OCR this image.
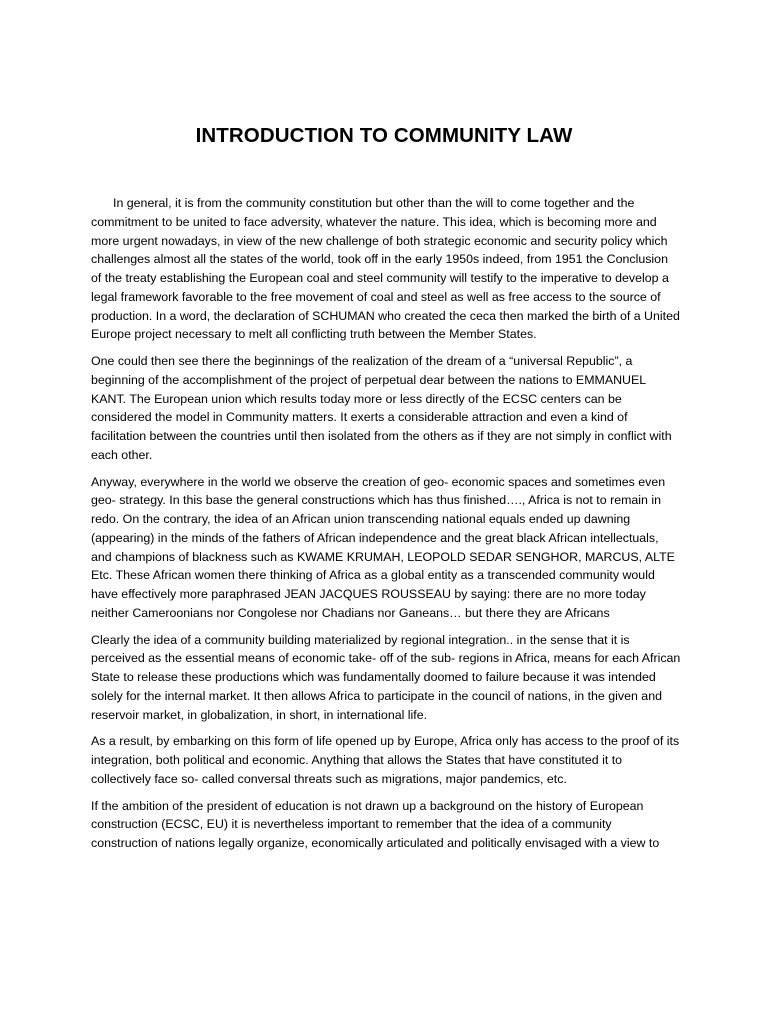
INTRODUCTION TO COMMUNITY LAW

In general, it is from the community constitution but other than the will to come together and the commitment to be united to face adversity, whatever the nature. This idea, which is becoming more and more urgent nowadays, in view of the new challenge of both strategic economic and security policy which challenges almost all the states of the world, took off in the early 1950s indeed, from 1951 the Conclusion of the treaty establishing the European coal and steel community will testify to the imperative to develop a legal framework favorable to the free movement of coal and steel as well as free access to the source of production. In a word, the declaration of SCHUMAN who created the ceca then marked the birth of a United Europe project necessary to melt all conflicting truth between the Member States.

One could then see there the beginnings of the realization of the dream of a “universal Republic”, a beginning of the accomplishment of the project of perpetual dear between the nations to EMMANUEL KANT. The European union which results today more or less directly of the ECSC centers can be considered the model in Community matters. It exerts a considerable attraction and even a kind of facilitation between the countries until then isolated from the others as if they are not simply in conflict with each other.

Anyway, everywhere in the world we observe the creation of geo- economic spaces and sometimes even geo- strategy. In this base the general constructions which has thus finished…., Africa is not to remain in redo. On the contrary, the idea of an African union transcending national equals ended up dawning (appearing) in the minds of the fathers of African independence and the great black African intellectuals, and champions of blackness such as KWAME KRUMAH, LEOPOLD SEDAR SENGHOR, MARCUS, ALTE Etc. These African women there thinking of Africa as a global entity as a transcended community would have effectively more paraphrased JEAN JACQUES ROUSSEAU by saying: there are no more today neither Cameroonians nor Congolese nor Chadians nor Ganeans… but there they are Africans

Clearly the idea of a community building materialized by regional integration.. in the sense that it is perceived as the essential means of economic take- off of the sub- regions in Africa, means for each African State to release these productions which was fundamentally doomed to failure because it was intended solely for the internal market. It then allows Africa to participate in the council of nations, in the given and reservoir market, in globalization, in short, in international life.

As a result, by embarking on this form of life opened up by Europe, Africa only has access to the proof of its integration, both political and economic. Anything that allows the States that have constituted it to collectively face so- called conversal threats such as migrations, major pandemics, etc.

If the ambition of the president of education is not drawn up a background on the history of European construction (ECSC, EU) it is nevertheless important to remember that the idea of a community construction of nations legally organize, economically articulated and politically envisaged with a view to
